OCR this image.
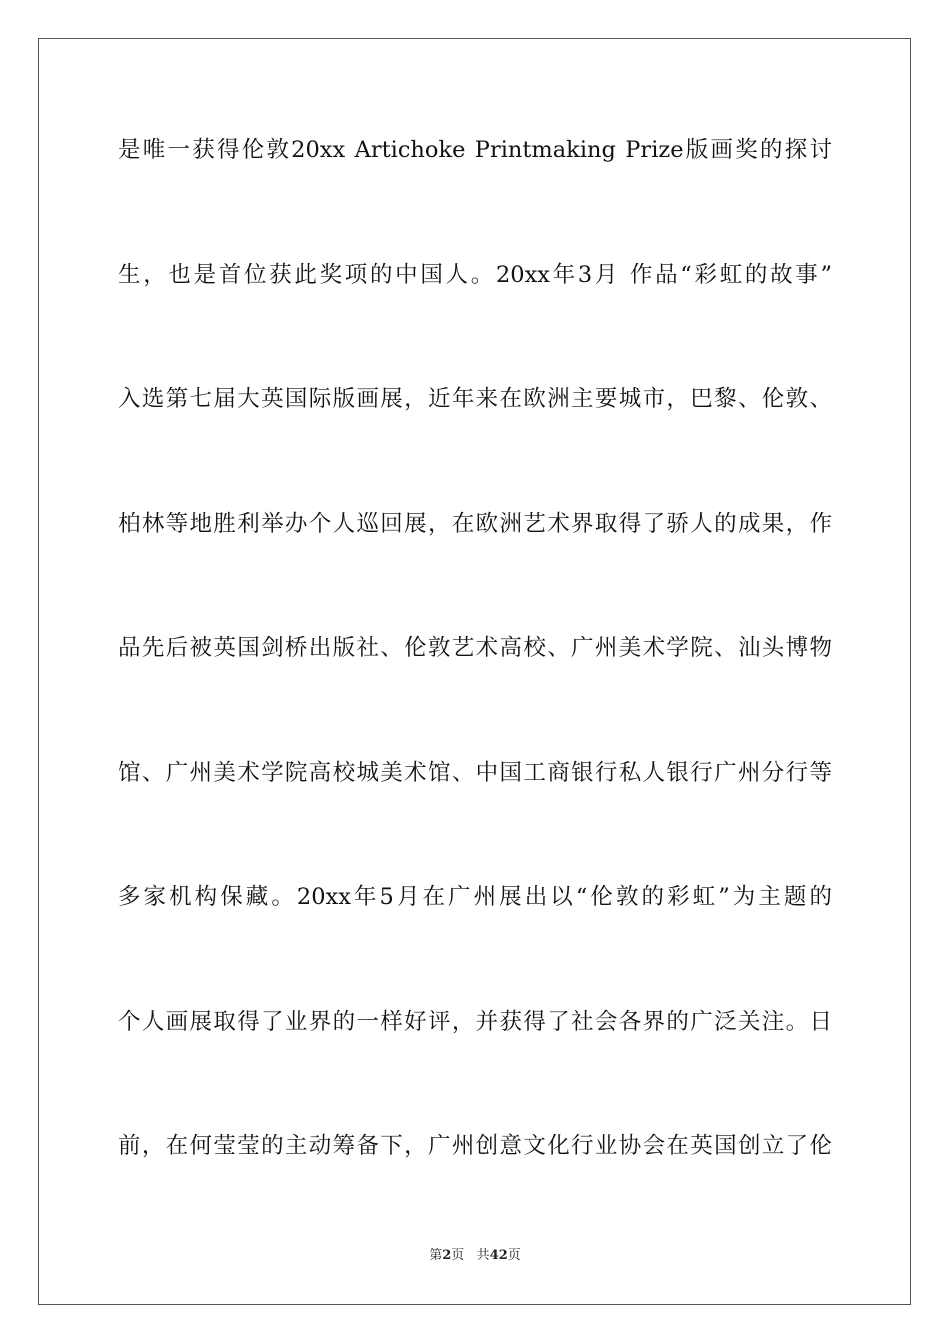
是唯一获得伦敦20xx Artichoke Printmaking Prize版画奖的探讨
生，也是首位获此奖项的中国人。20xx年3月 作品“彩虹的故事”
入选第七届大英国际版画展，近年来在欧洲主要城市，巴黎、伦敦、
柏林等地胜利举办个人巡回展，在欧洲艺术界取得了骄人的成果，作
品先后被英国剑桥出版社、伦敦艺术高校、广州美术学院、汕头博物
馆、广州美术学院高校城美术馆、中国工商银行私人银行广州分行等
多家机构保藏。20xx年5月在广州展出以“伦敦的彩虹”为主题的
个人画展取得了业界的一样好评，并获得了社会各界的广泛关注。日
前，在何莹莹的主动筹备下，广州创意文化行业协会在英国创立了伦
第2页 共42页
